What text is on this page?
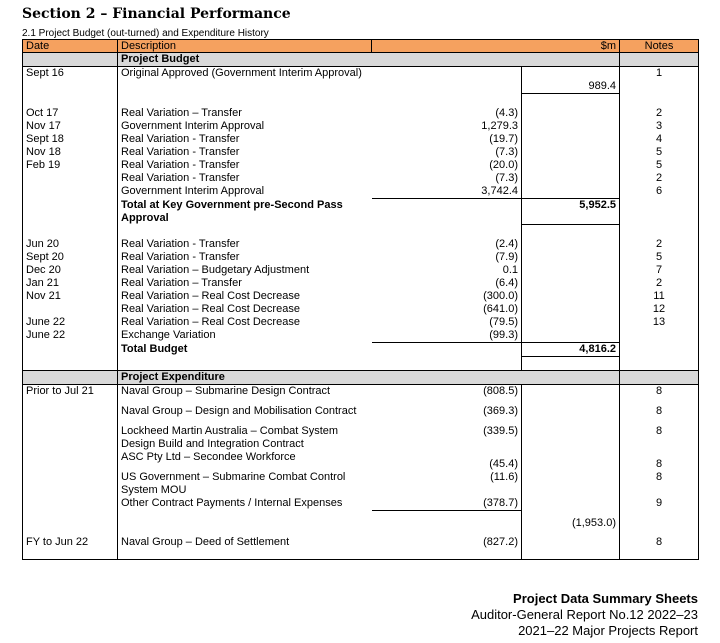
Section 2 – Financial Performance
2.1 Project Budget (out-turned) and Expenditure History
Date	Description	$m		Notes
	Project Budget			
Sept 16	Original Approved (Government Interim Approval)		989.4	1

Oct 17	Real Variation – Transfer	(4.3)		2
Nov 17	Government Interim Approval	1,279.3		3
Sept 18	Real Variation - Transfer	(19.7)		4
Nov 18	Real Variation - Transfer	(7.3)		5
Feb 19	Real Variation - Transfer	(20.0)		5
	Real Variation - Transfer	(7.3)		2
	Government Interim Approval	3,742.4		6
	Total at Key Government pre-Second Pass Approval		5,952.5	

Jun 20	Real Variation - Transfer	(2.4)		2
Sept 20	Real Variation - Transfer	(7.9)		5
Dec 20	Real Variation – Budgetary Adjustment	0.1		7
Jan 21	Real Variation – Transfer	(6.4)		2
Nov 21	Real Variation – Real Cost Decrease	(300.0)		11
	Real Variation – Real Cost Decrease	(641.0)		12
June 22	Real Variation – Real Cost Decrease	(79.5)		13
June 22	Exchange Variation	(99.3)		
	Total Budget		4,816.2	

	Project Expenditure			
Prior to Jul 21	Naval Group – Submarine Design Contract	(808.5)		8
	Naval Group – Design and Mobilisation Contract	(369.3)		8
	Lockheed Martin Australia – Combat System Design Build and Integration Contract	(339.5)		8
	ASC Pty Ltd – Secondee Workforce	(45.4)		8
	US Government – Submarine Combat Control System MOU	(11.6)		8
	Other Contract Payments / Internal Expenses	(378.7)		9
			(1,953.0)	
FY to Jun 22	Naval Group – Deed of Settlement	(827.2)		8

Project Data Summary Sheets
Auditor-General Report No.12 2022–23
2021–22 Major Projects Report
